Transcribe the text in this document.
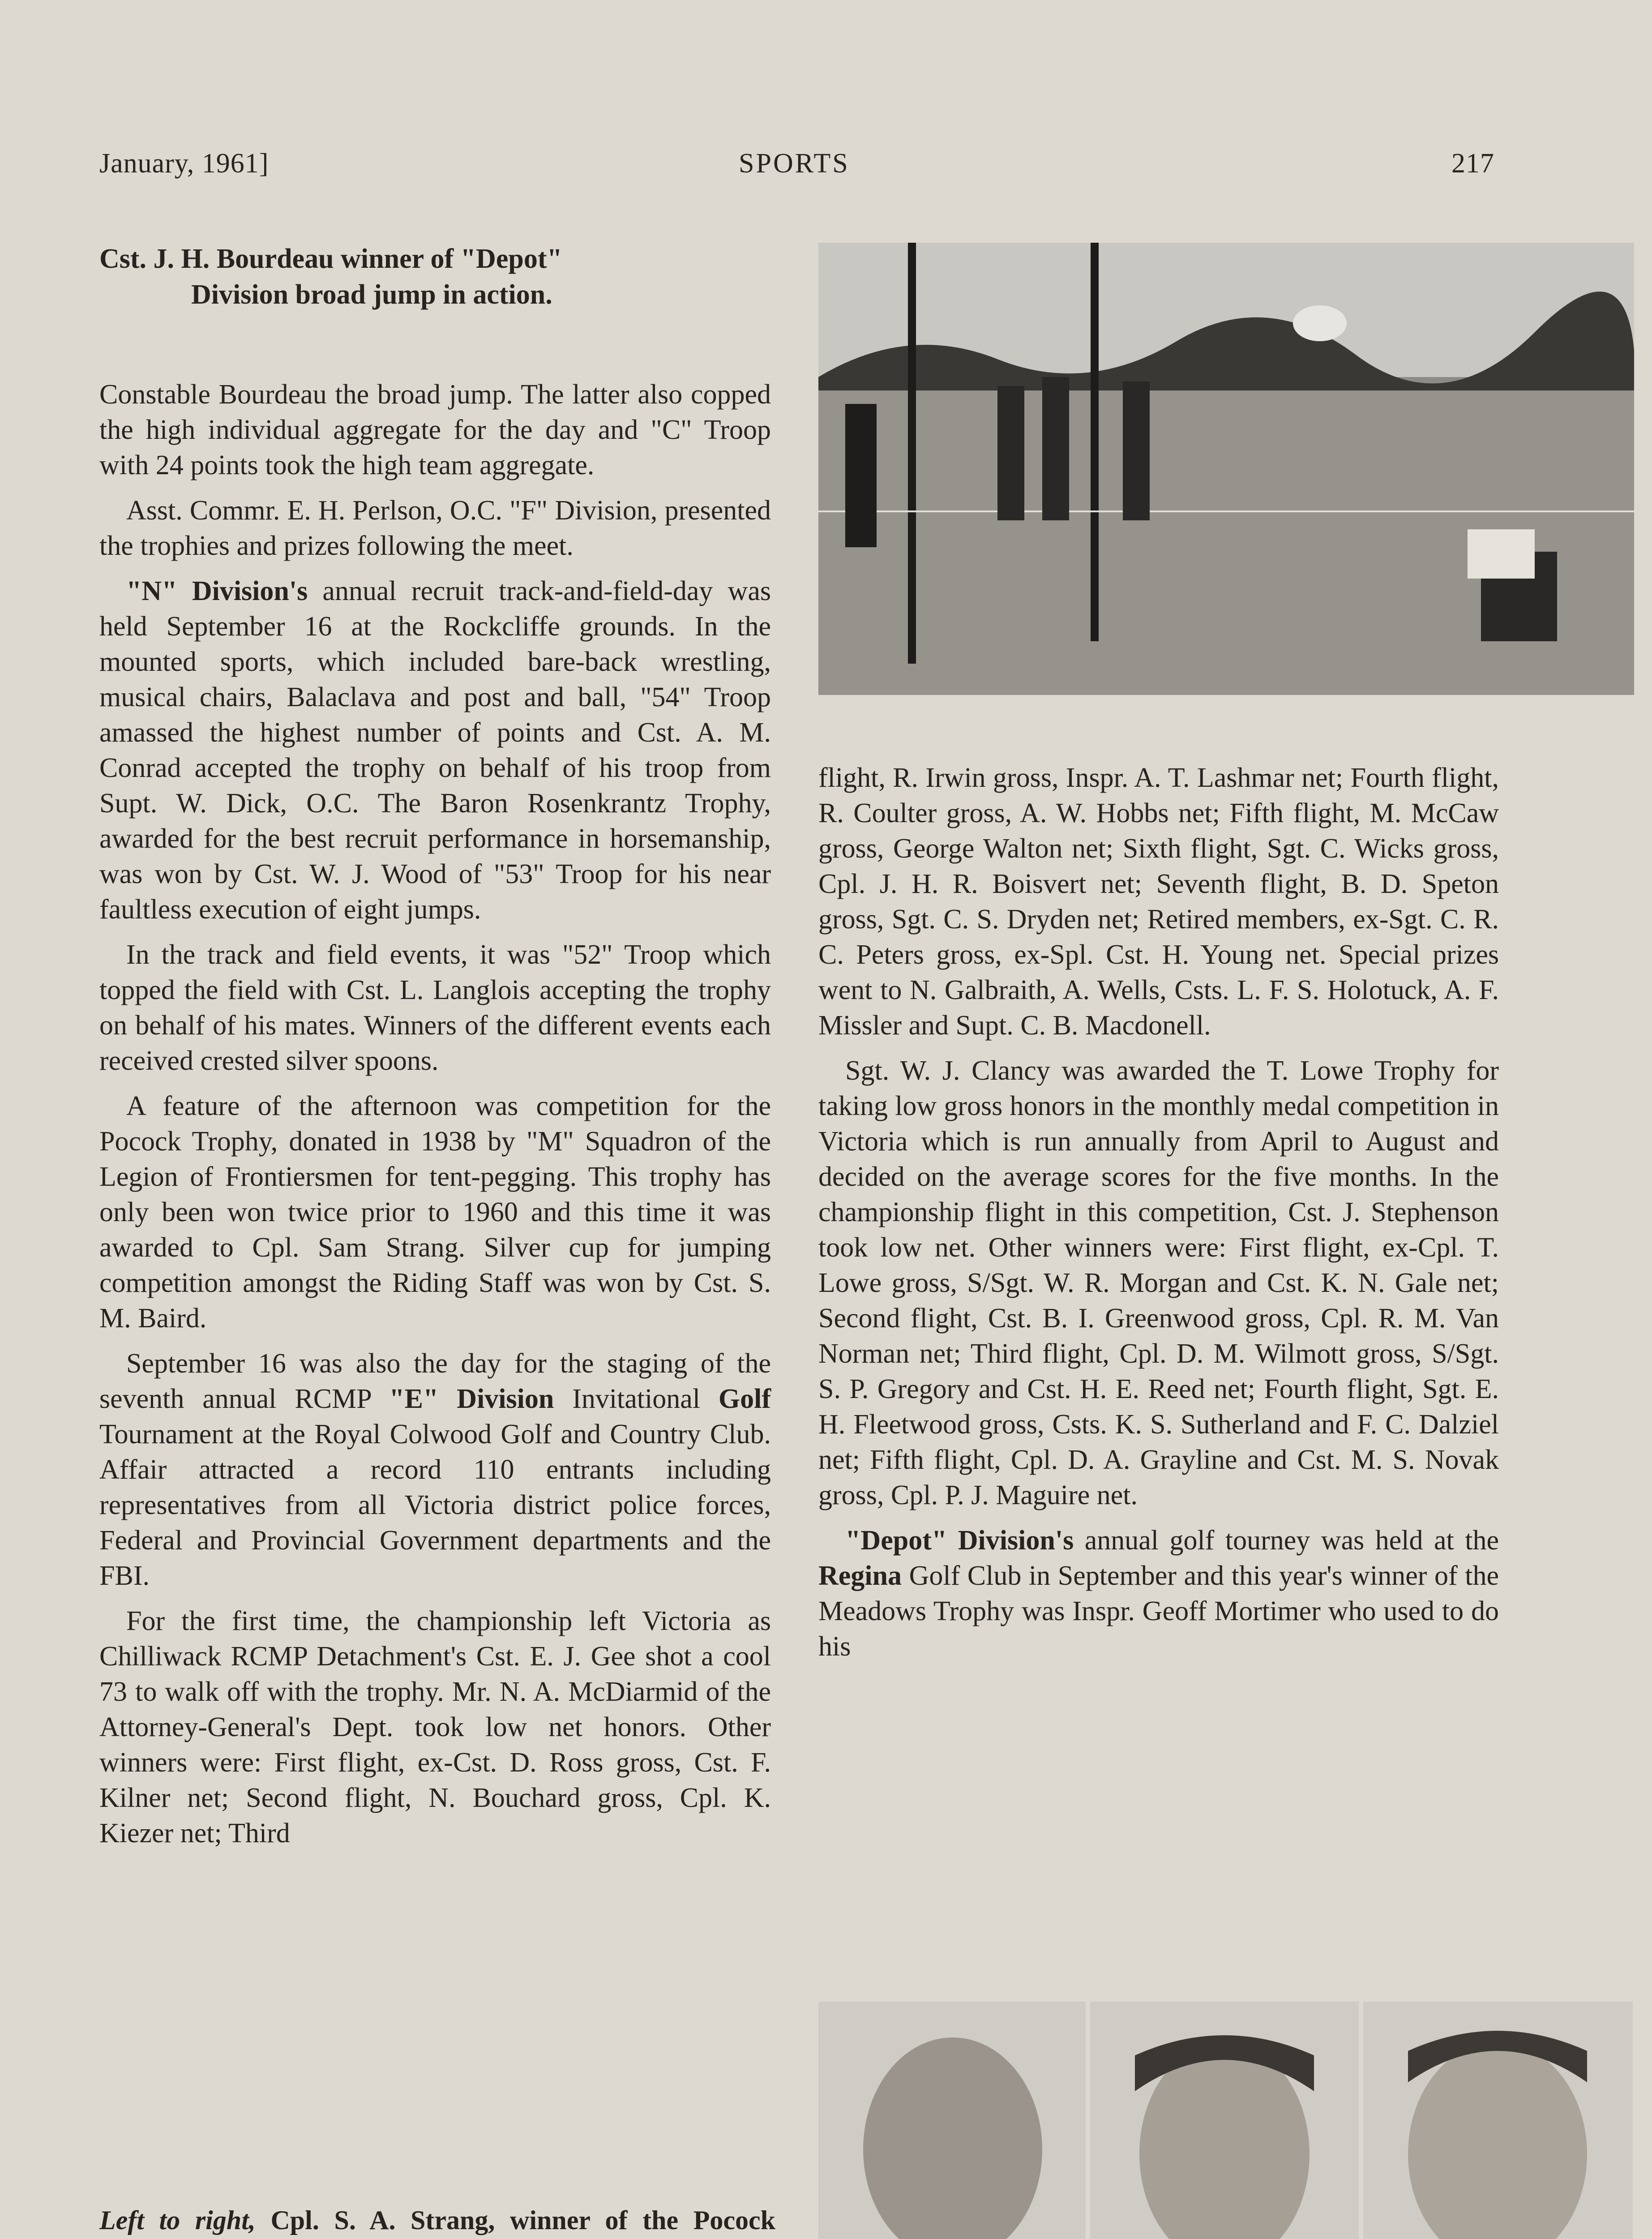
January, 1961]	SPORTS	217
Cst. J. H. Bourdeau winner of "Depot"
Division broad jump in action.

Constable Bourdeau the broad jump. The latter also copped the high individual aggregate for the day and "C" Troop with 24 points took the high team aggregate.

Asst. Commr. E. H. Perlson, O.C. "F" Division, presented the trophies and prizes following the meet.

"N" Division's annual recruit track-and-field-day was held September 16 at the Rockcliffe grounds. In the mounted sports, which included bare-back wrestling, musical chairs, Balaclava and post and ball, "54" Troop amassed the highest number of points and Cst. A. M. Conrad accepted the trophy on behalf of his troop from Supt. W. Dick, O.C. The Baron Rosenkrantz Trophy, awarded for the best recruit performance in horsemanship, was won by Cst. W. J. Wood of "53" Troop for his near faultless execution of eight jumps.

In the track and field events, it was "52" Troop which topped the field with Cst. L. Langlois accepting the trophy on behalf of his mates. Winners of the different events each received crested silver spoons.

A feature of the afternoon was competition for the Pocock Trophy, donated in 1938 by "M" Squadron of the Legion of Frontiersmen for tent-pegging. This trophy has only been won twice prior to 1960 and this time it was awarded to Cpl. Sam Strang. Silver cup for jumping competition amongst the Riding Staff was won by Cst. S. M. Baird.

September 16 was also the day for the staging of the seventh annual RCMP "E" Division Invitational Golf Tournament at the Royal Colwood Golf and Country Club. Affair attracted a record 110 entrants including representatives from all Victoria district police forces, Federal and Provincial Government departments and the FBI.

For the first time, the championship left Victoria as Chilliwack RCMP Detachment's Cst. E. J. Gee shot a cool 73 to walk off with the trophy. Mr. N. A. McDiarmid of the Attorney-General's Dept. took low net honors. Other winners were: First flight, ex-Cst. D. Ross gross, Cst. F. Kilner net; Second flight, N. Bouchard gross, Cpl. K. Kiezer net; Third

flight, R. Irwin gross, Inspr. A. T. Lashmar net; Fourth flight, R. Coulter gross, A. W. Hobbs net; Fifth flight, M. McCaw gross, George Walton net; Sixth flight, Sgt. C. Wicks gross, Cpl. J. H. R. Boisvert net; Seventh flight, B. D. Speton gross, Sgt. C. S. Dryden net; Retired members, ex-Sgt. C. R. C. Peters gross, ex-Spl. Cst. H. Young net. Special prizes went to N. Galbraith, A. Wells, Csts. L. F. S. Holotuck, A. F. Missler and Supt. C. B. Macdonell.

Sgt. W. J. Clancy was awarded the T. Lowe Trophy for taking low gross honors in the monthly medal competition in Victoria which is run annually from April to August and decided on the average scores for the five months. In the championship flight in this competition, Cst. J. Stephenson took low net. Other winners were: First flight, ex-Cpl. T. Lowe gross, S/Sgt. W. R. Morgan and Cst. K. N. Gale net; Second flight, Cst. B. I. Greenwood gross, Cpl. R. M. Van Norman net; Third flight, Cpl. D. M. Wilmott gross, S/Sgt. S. P. Gregory and Cst. H. E. Reed net; Fourth flight, Sgt. E. H. Fleetwood gross, Csts. K. S. Sutherland and F. C. Dalziel net; Fifth flight, Cpl. D. A. Grayline and Cst. M. S. Novak gross, Cpl. P. J. Maguire net.

"Depot" Division's annual golf tourney was held at the Regina Golf Club in September and this year's winner of the Meadows Trophy was Inspr. Geoff Mortimer who used to do his

Left to right, Cpl. S. A. Strang, winner of the Pocock
